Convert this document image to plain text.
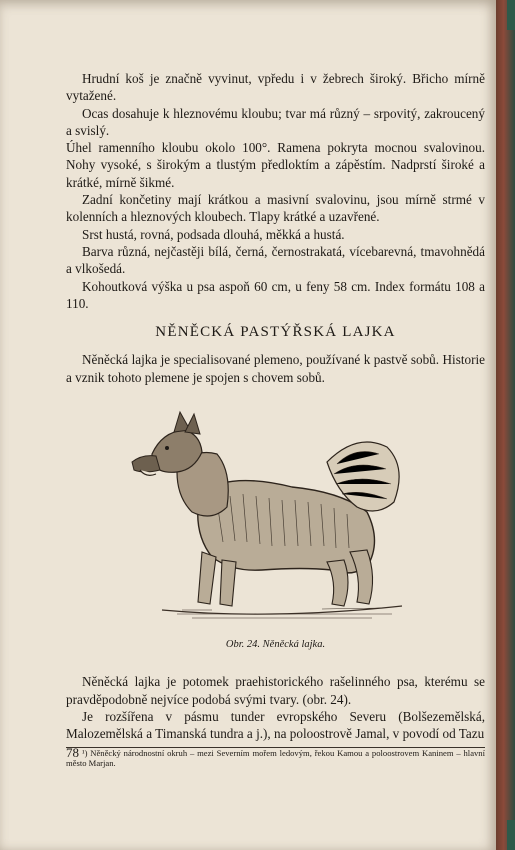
Hrudní koš je značně vyvinut, vpředu i v žebrech široký. Břicho mírně vytažené.

Ocas dosahuje k hleznovému kloubu; tvar má různý – srpovitý, zakroucený a svislý.

Úhel ramenního kloubu okolo 100°. Ramena pokryta mocnou svalovinou. Nohy vysoké, s širokým a tlustým předloktím a zápěstím. Nadprstí široké a krátké, mírně šikmé.

Zadní končetiny mají krátkou a masivní svalovinu, jsou mírně strmé v kolenních a hleznových kloubech. Tlapy krátké a uzavřené.

Srst hustá, rovná, podsada dlouhá, měkká a hustá.

Barva různá, nejčastěji bílá, černá, černostrakatá, vícebarevná, tmavohnědá a vlkošedá.

Kohoutková výška u psa aspoň 60 cm, u feny 58 cm. Index formátu 108 a 110.

NĚNĚCKÁ PASTÝŘSKÁ LAJKA

Něněcká lajka je specialisované plemeno, používané k pastvě sobů. Historie a vznik tohoto plemene je spojen s chovem sobů.

Obr. 24. Něněcká lajka.

Něněcká lajka je potomek praehistorického rašelinného psa, kterému se pravděpodobně nejvíce podobá svými tvary. (obr. 24).

Je rozšířena v pásmu tunder evropského Severu (Bolšezemělská, Malozemělská a Timanská tundra a j.), na poloostrově Jamal, v povodí od Tazu

¹) Něněcký národnostní okruh – mezi Severním mořem ledovým, řekou Kamou a poloostrovem Kaninem – hlavní město Marjan.

78
